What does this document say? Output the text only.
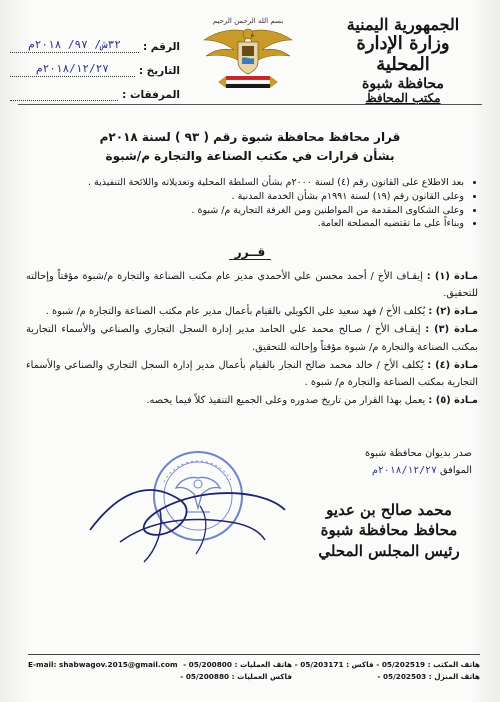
الجمهورية اليمنية
وزارة الإدارة المحلية
محافظة شبوة
مكتب المحافظ
بسم الله الرحمن الرحيم
الرقم :
٣٢ش/ ٩٧/ ٢٠١٨م
التاريخ :
٢٠١٨/١٢/٢٧م
المرفقات :
قرار محافظ محافظة شبوة رقم ( ٩٣ ) لسنة ٢٠١٨م
بشأن قرارات في مكتب الصناعة والتجارة م/شبوة
• بعد الاطلاع على القانون رقم (٤) لسنة ٢٠٠٠م بشأن السلطة المحلية وتعديلاته واللائحة التنفيذية .
• وعلى القانون رقم (١٩) لسنة ١٩٩١م بشأن الخدمة المدنية .
• وعلى الشكاوى المقدمة من المواطنين ومن الغرفة التجارية م/ شبوة .
• وبناءاً على ما تقتضيه المصلحة العامة.
قــرر
مـادة (١) : إيقـاف الأخ / أحمد محسن علي الأحمدي مدير عام مكتب الصناعة والتجارة م/شبوة مؤقتاً وإحالته للتحقيق.
مـادة (٢) : يُكلف الأخ / فهد سعيد علي الكويلي بالقيام بأعمال مدير عام مكتب الصناعة والتجارة م/ شبوة .
مـادة (٣) : إيقـاف الأخ / صـالح محمد علي الحامد مدير إدارة السجل التجاري والصناعي والأسماء التجارية بمكتب الصناعة والتجارة م/ شبوة مؤقتاً وإحالته للتحقيق.
مـادة (٤) : يُكلف الأخ / خالد محمد صالح النجار بالقيام بأعمال مدير إدارة السجل التجاري والصناعي والأسماء التجارية بمكتب الصناعة والتجارة م/ شبوة .
مـادة (٥) : يعمل بهذا القرار من تاريخ صدوره وعلى الجميع التنفيذ كلاً فيما يخصه.
صدر بديوان محافظة شبوة
الموافق ٢٠١٨/١٢/٢٧م
محمد صالح بن عديو
محافظ محافظة شبوة
رئيس المجلس المحلي
هاتف المكتب : 05/202519 -
هاتف المنزل : 05/202503 -
فاكس : 05/203171 -
هاتف العمليات : 05/200800 -
فاكس العمليات : 05/200880 -
E-mail: shabwagov.2015@gmail.com
